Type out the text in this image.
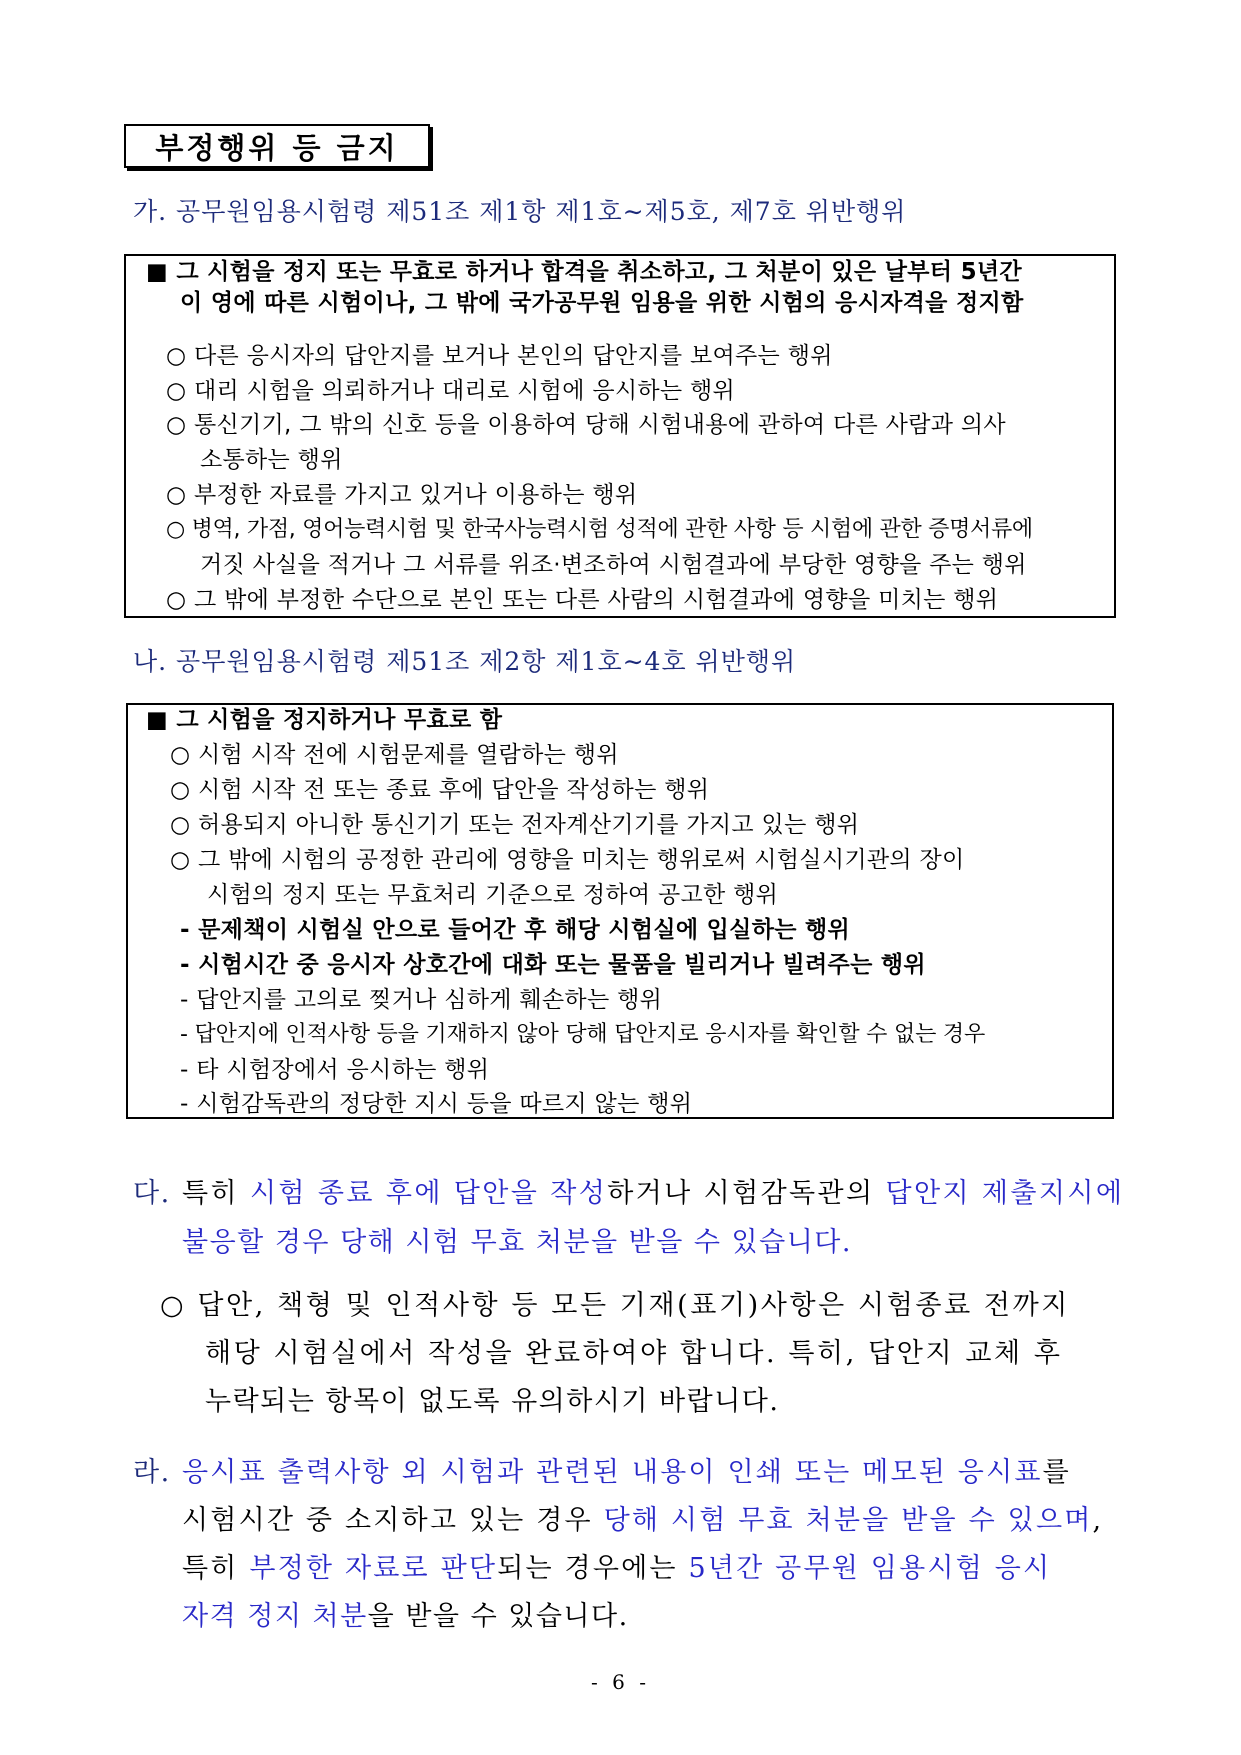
부정행위 등 금지
가. 공무원임용시험령 제51조 제1항 제1호∼제5호, 제7호 위반행위
■ 그 시험을 정지 또는 무효로 하거나 합격을 취소하고, 그 처분이 있은 날부터 5년간
이 영에 따른 시험이나, 그 밖에 국가공무원 임용을 위한 시험의 응시자격을 정지함
○ 다른 응시자의 답안지를 보거나 본인의 답안지를 보여주는 행위
○ 대리 시험을 의뢰하거나 대리로 시험에 응시하는 행위
○ 통신기기, 그 밖의 신호 등을 이용하여 당해 시험내용에 관하여 다른 사람과 의사
소통하는 행위
○ 부정한 자료를 가지고 있거나 이용하는 행위
○ 병역, 가점, 영어능력시험 및 한국사능력시험 성적에 관한 사항 등 시험에 관한 증명서류에
거짓 사실을 적거나 그 서류를 위조·변조하여 시험결과에 부당한 영향을 주는 행위
○ 그 밖에 부정한 수단으로 본인 또는 다른 사람의 시험결과에 영향을 미치는 행위
나. 공무원임용시험령 제51조 제2항 제1호∼4호 위반행위
■ 그 시험을 정지하거나 무효로 함
○ 시험 시작 전에 시험문제를 열람하는 행위
○ 시험 시작 전 또는 종료 후에 답안을 작성하는 행위
○ 허용되지 아니한 통신기기 또는 전자계산기기를 가지고 있는 행위
○ 그 밖에 시험의 공정한 관리에 영향을 미치는 행위로써 시험실시기관의 장이
시험의 정지 또는 무효처리 기준으로 정하여 공고한 행위
- 문제책이 시험실 안으로 들어간 후 해당 시험실에 입실하는 행위
- 시험시간 중 응시자 상호간에 대화 또는 물품을 빌리거나 빌려주는 행위
- 답안지를 고의로 찢거나 심하게 훼손하는 행위
- 답안지에 인적사항 등을 기재하지 않아 당해 답안지로 응시자를 확인할 수 없는 경우
- 타 시험장에서 응시하는 행위
- 시험감독관의 정당한 지시 등을 따르지 않는 행위
다. 특히 시험 종료 후에 답안을 작성하거나 시험감독관의 답안지 제출지시에
불응할 경우 당해 시험 무효 처분을 받을 수 있습니다.
○ 답안, 책형 및 인적사항 등 모든 기재(표기)사항은 시험종료 전까지
해당 시험실에서 작성을 완료하여야 합니다. 특히, 답안지 교체 후
누락되는 항목이 없도록 유의하시기 바랍니다.
라. 응시표 출력사항 외 시험과 관련된 내용이 인쇄 또는 메모된 응시표를
시험시간 중 소지하고 있는 경우 당해 시험 무효 처분을 받을 수 있으며,
특히 부정한 자료로 판단되는 경우에는 5년간 공무원 임용시험 응시
자격 정지 처분을 받을 수 있습니다.
- 6 -
